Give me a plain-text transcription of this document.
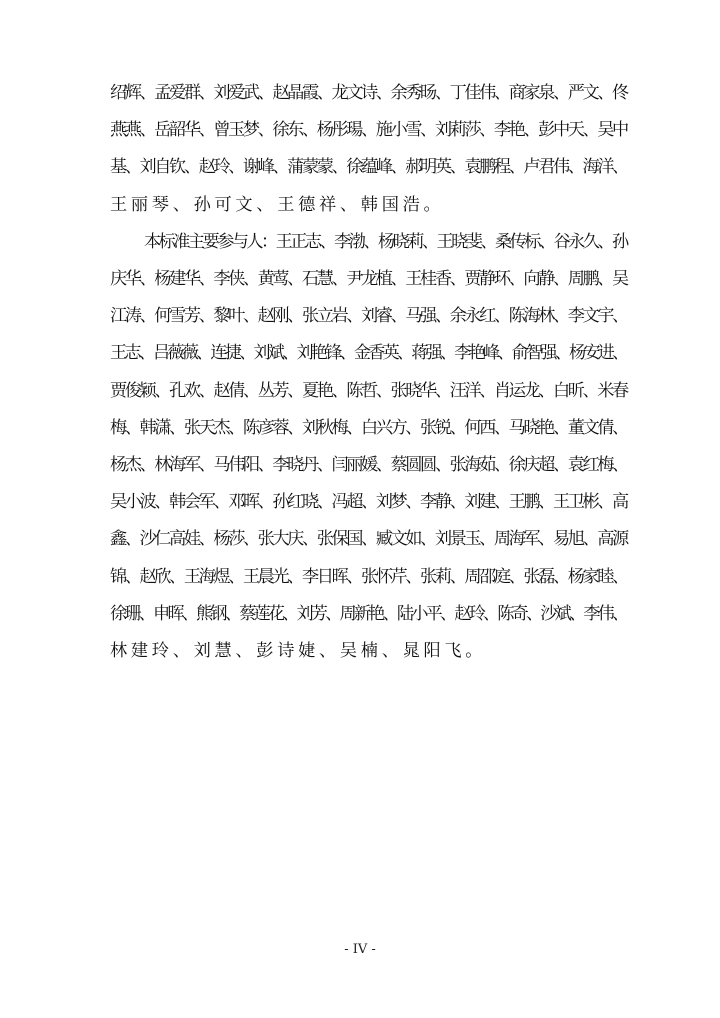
绍
辉
、
孟
爱
群
、
刘
爱
武
、
赵
晶
霞
、
龙
文
诗
、
余
秀
旸
、
丁
佳
伟
、
商
家
泉
、
严
文
、
佟
燕
燕
、
岳
韶
华
、
曾
玉
梦
、
徐
东
、
杨
彤
瑒
、
施
小
雪
、
刘
莉
莎
、
李
艳
、
彭
中
天
、
吴
中
基
、
刘
自
钦
、
赵
玲
、
谢
峰
、
蒲
蒙
蒙
、
徐
蕴
峰
、
郝
明
英
、
袁
鹏
程
、
卢
君
伟
、
海
洋
、
王 丽 琴 、 孙 可 文 、 王 德 祥 、 韩 国 浩 。
本
标
准
主
要
参
与
人
：
王
正
志
、
李
渤
、
杨
晓
莉
、
王
晓
斐
、
桑
传
标
、
谷
永
久
、
孙
庆
华
、
杨
建
华
、
李
侠
、
黄
莺
、
石
慧
、
尹
龙
植
、
王
桂
香
、
贾
静
环
、
向
静
、
周
鹏
、
吴
江
涛
、
何
雪
芳
、
黎
叶
、
赵
刚
、
张
立
岩
、
刘
睿
、
马
强
、
余
永
红
、
陈
海
林
、
李
文
宇
、
王
志
、
吕
薇
薇
、
连
捷
、
刘
斌
、
刘
艳
锋
、
金
香
英
、
蒋
强
、
李
艳
峰
、
俞
智
强
、
杨
安
进
、
贾
俊
颖
、
孔
欢
、
赵
倩
、
丛
芳
、
夏
艳
、
陈
哲
、
张
晓
华
、
汪
洋
、
肖
运
龙
、
白
昕
、
米
春
梅
、
韩
潇
、
张
天
杰
、
陈
彦
蓉
、
刘
秋
梅
、
白
兴
方
、
张
锐
、
何
西
、
马
晓
艳
、
董
文
倩
、
杨
杰
、
林
海
军
、
马
伟
阳
、
李
晓
丹
、
闫
丽
媛
、
蔡
圆
圆
、
张
海
茹
、
徐
庆
超
、
袁
红
梅
、
吴
小
波
、
韩
会
军
、
邓
晖
、
孙
红
晓
、
冯
超
、
刘
梦
、
李
静
、
刘
建
、
王
鹏
、
王
卫
彬
、
高
鑫
、
沙
仁
高
娃
、
杨
莎
、
张
大
庆
、
张
保
国
、
臧
文
如
、
刘
景
玉
、
周
海
军
、
易
旭
、
高
源
锦
、
赵
欣
、
王
海
煜
、
王
晨
光
、
李
日
晖
、
张
怀
芹
、
张
莉
、
周
邵
庭
、
张
磊
、
杨
家
睦
、
徐
珊
、
申
晖
、
熊
钢
、
蔡
莲
花
、
刘
芳
、
周
新
艳
、
陆
小
平
、
赵
玲
、
陈
奇
、
沙
斌
、
李
伟
、
林 建 玲 、 刘 慧 、 彭 诗 婕 、 吴 楠 、 晁 阳 飞 。
- IV -
